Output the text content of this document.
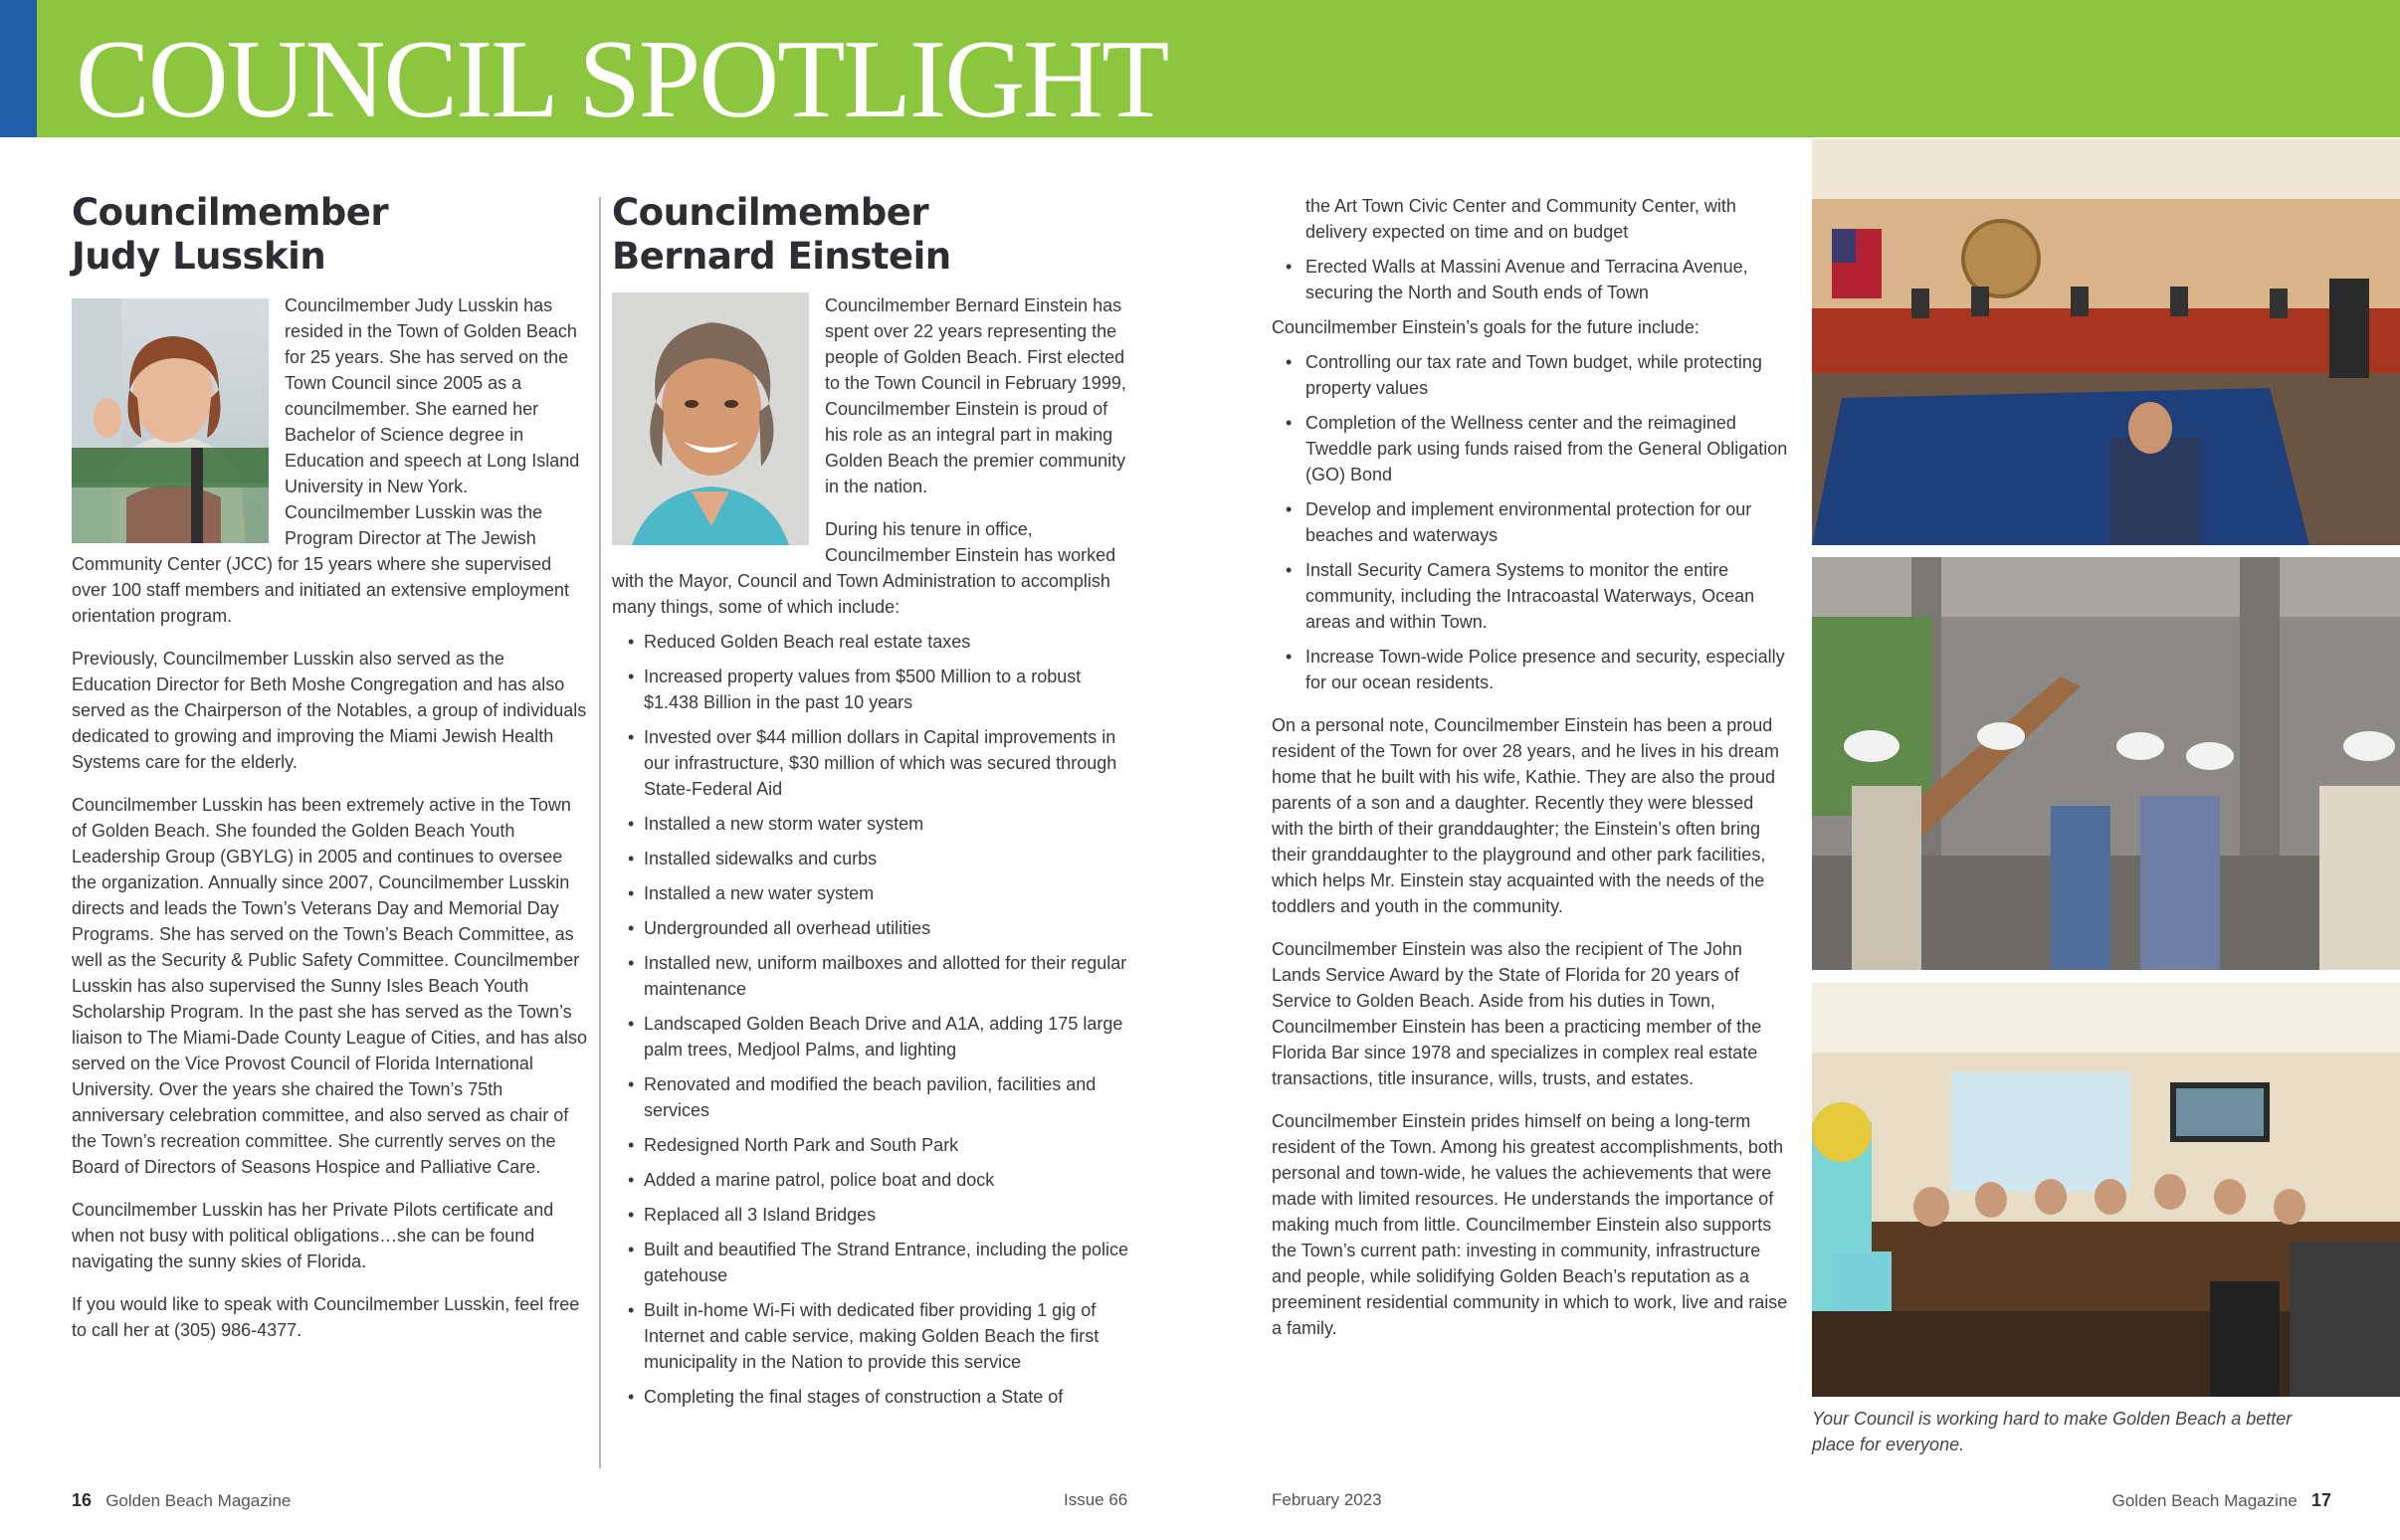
COUNCIL SPOTLIGHT
Councilmember
Judy Lusskin

Councilmember Judy Lusskin has resided in the Town of Golden Beach for 25 years. She has served on the Town Council since 2005 as a councilmember. She earned her Bachelor of Science degree in Education and speech at Long Island University in New York. Councilmember Lusskin was the Program Director at The Jewish Community Center (JCC) for 15 years where she supervised over 100 staff members and initiated an extensive employment orientation program.

Previously, Councilmember Lusskin also served as the Education Director for Beth Moshe Congregation and has also served as the Chairperson of the Notables, a group of individuals dedicated to growing and improving the Miami Jewish Health Systems care for the elderly.

Councilmember Lusskin has been extremely active in the Town of Golden Beach. She founded the Golden Beach Youth Leadership Group (GBYLG) in 2005 and continues to oversee the organization. Annually since 2007, Councilmember Lusskin directs and leads the Town’s Veterans Day and Memorial Day Programs. She has served on the Town’s Beach Committee, as well as the Security & Public Safety Committee. Councilmember Lusskin has also supervised the Sunny Isles Beach Youth Scholarship Program. In the past she has served as the Town’s liaison to The Miami-Dade County League of Cities, and has also served on the Vice Provost Council of Florida International University. Over the years she chaired the Town’s 75th anniversary celebration committee, and also served as chair of the Town’s recreation committee. She currently serves on the Board of Directors of Seasons Hospice and Palliative Care.

Councilmember Lusskin has her Private Pilots certificate and when not busy with political obligations…she can be found navigating the sunny skies of Florida.

If you would like to speak with Councilmember Lusskin, feel free to call her at (305) 986-4377.

Councilmember
Bernard Einstein

Councilmember Bernard Einstein has spent over 22 years representing the people of Golden Beach. First elected to the Town Council in February 1999, Councilmember Einstein is proud of his role as an integral part in making Golden Beach the premier community in the nation.

During his tenure in office, Councilmember Einstein has worked with the Mayor, Council and Town Administration to accomplish many things, some of which include:

• Reduced Golden Beach real estate taxes
• Increased property values from $500 Million to a robust $1.438 Billion in the past 10 years
• Invested over $44 million dollars in Capital improvements in our infrastructure, $30 million of which was secured through State-Federal Aid
• Installed a new storm water system
• Installed sidewalks and curbs
• Installed a new water system
• Undergrounded all overhead utilities
• Installed new, uniform mailboxes and allotted for their regular maintenance
• Landscaped Golden Beach Drive and A1A, adding 175 large palm trees, Medjool Palms, and lighting
• Renovated and modified the beach pavilion, facilities and services
• Redesigned North Park and South Park
• Added a marine patrol, police boat and dock
• Replaced all 3 Island Bridges
• Built and beautified The Strand Entrance, including the police gatehouse
• Built in-home Wi-Fi with dedicated fiber providing 1 gig of Internet and cable service, making Golden Beach the first municipality in the Nation to provide this service
• Completing the final stages of construction a State of
the Art Town Civic Center and Community Center, with delivery expected on time and on budget
• Erected Walls at Massini Avenue and Terracina Avenue, securing the North and South ends of Town

Councilmember Einstein’s goals for the future include:

• Controlling our tax rate and Town budget, while protecting property values
• Completion of the Wellness center and the reimagined Tweddle park using funds raised from the General Obligation (GO) Bond
• Develop and implement environmental protection for our beaches and waterways
• Install Security Camera Systems to monitor the entire community, including the Intracoastal Waterways, Ocean areas and within Town.
• Increase Town-wide Police presence and security, especially for our ocean residents.

On a personal note, Councilmember Einstein has been a proud resident of the Town for over 28 years, and he lives in his dream home that he built with his wife, Kathie. They are also the proud parents of a son and a daughter. Recently they were blessed with the birth of their granddaughter; the Einstein’s often bring their granddaughter to the playground and other park facilities, which helps Mr. Einstein stay acquainted with the needs of the toddlers and youth in the community.

Councilmember Einstein was also the recipient of The John Lands Service Award by the State of Florida for 20 years of Service to Golden Beach. Aside from his duties in Town, Councilmember Einstein has been a practicing member of the Florida Bar since 1978 and specializes in complex real estate transactions, title insurance, wills, trusts, and estates.

Councilmember Einstein prides himself on being a long-term resident of the Town. Among his greatest accomplishments, both personal and town-wide, he values the achievements that were made with limited resources. He understands the importance of making much from little. Councilmember Einstein also supports the Town’s current path: investing in community, infrastructure and people, while solidifying Golden Beach’s reputation as a preeminent residential community in which to work, live and raise a family.

Your Council is working hard to make Golden Beach a better place for everyone.
16 Golden Beach Magazine	Issue 66	February 2023	Golden Beach Magazine 17
